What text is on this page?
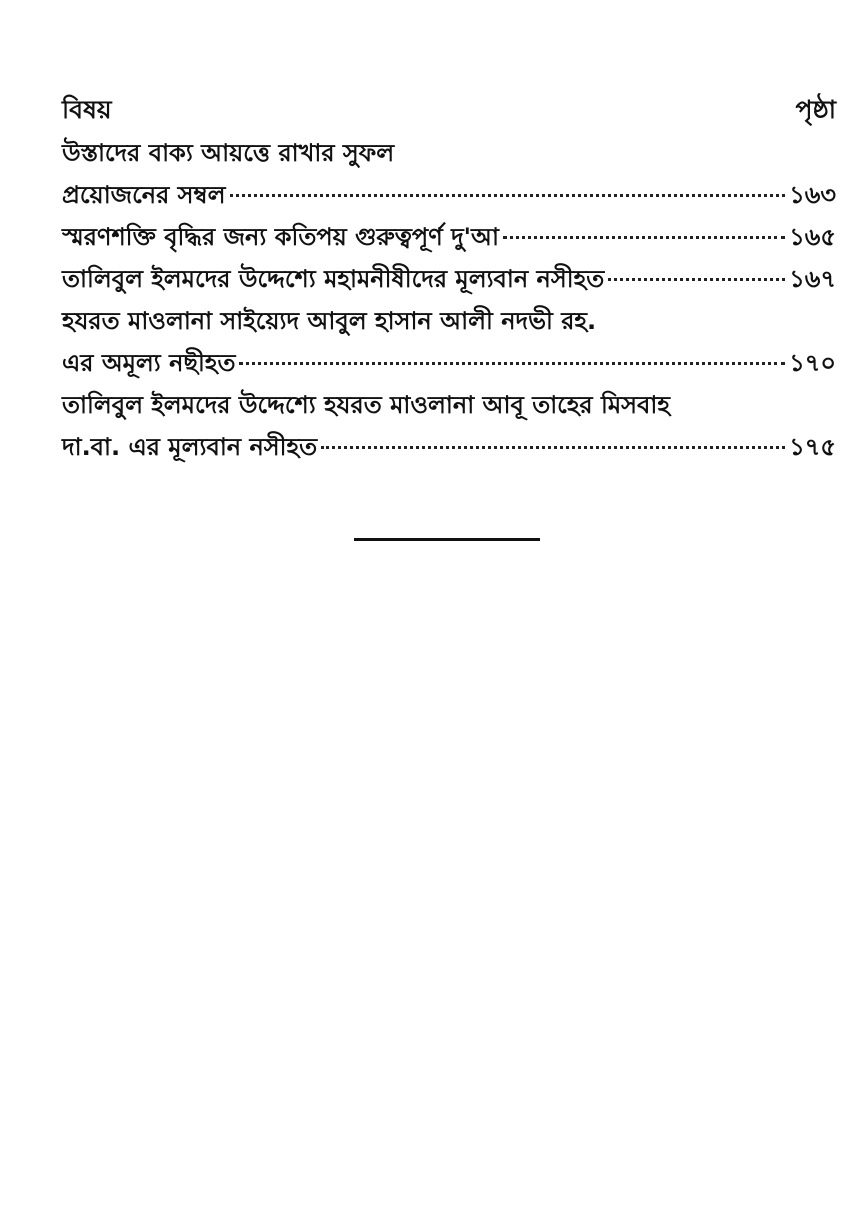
বিষয়	পৃষ্ঠা
উস্তাদের বাক্য আয়ত্তে রাখার সুফল
প্রয়োজনের সম্বল	১৬৩
স্মরণশক্তি বৃদ্ধির জন্য কতিপয় গুরুত্বপূর্ণ দু'আ	১৬৫
তালিবুল ইলমদের উদ্দেশ্যে মহামনীষীদের মূল্যবান নসীহত	১৬৭
হযরত মাওলানা সাইয়্যেদ আবুল হাসান আলী নদভী রহ.
এর অমূল্য নছীহত	১৭০
তালিবুল ইলমদের উদ্দেশ্যে হযরত মাওলানা আবূ তাহের মিসবাহ
দা.বা. এর মূল্যবান নসীহত	১৭৫
